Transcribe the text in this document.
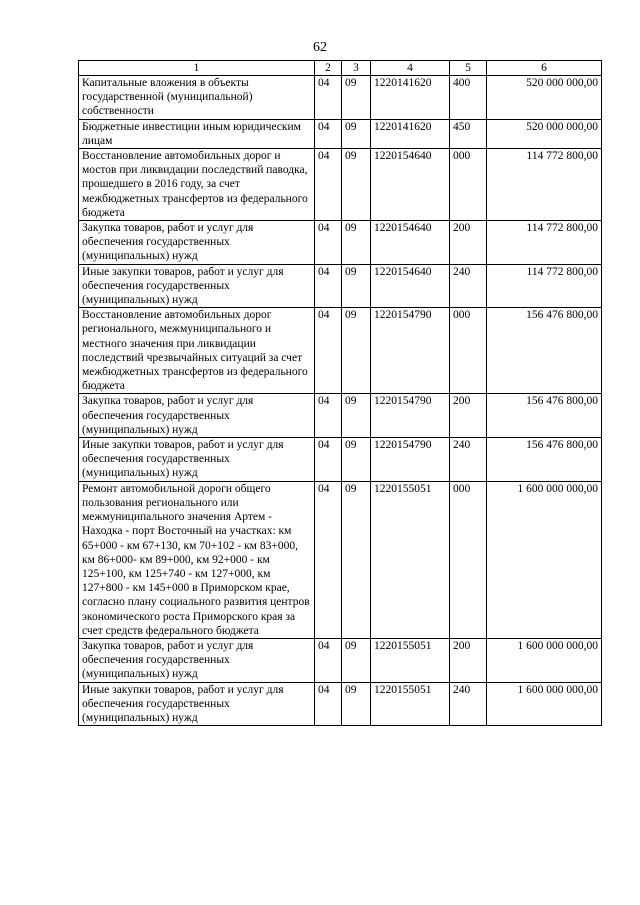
62
1	2	3	4	5	6
Капитальные вложения в объекты государственной (муниципальной) собственности	04	09	1220141620	400	520 000 000,00
Бюджетные инвестиции иным юридическим лицам	04	09	1220141620	450	520 000 000,00
Восстановление автомобильных дорог и мостов при ликвидации последствий паводка, прошедшего в 2016 году, за счет межбюджетных трансфертов из федерального бюджета	04	09	1220154640	000	114 772 800,00
Закупка товаров, работ и услуг для обеспечения государственных (муниципальных) нужд	04	09	1220154640	200	114 772 800,00
Иные закупки товаров, работ и услуг для обеспечения государственных (муниципальных) нужд	04	09	1220154640	240	114 772 800,00
Восстановление автомобильных дорог регионального, межмуниципального и местного значения при ликвидации последствий чрезвычайных ситуаций за счет межбюджетных трансфертов из федерального бюджета	04	09	1220154790	000	156 476 800,00
Закупка товаров, работ и услуг для обеспечения государственных (муниципальных) нужд	04	09	1220154790	200	156 476 800,00
Иные закупки товаров, работ и услуг для обеспечения государственных (муниципальных) нужд	04	09	1220154790	240	156 476 800,00
Ремонт автомобильной дороги общего пользования регионального или межмуниципального значения Артем - Находка - порт Восточный на участках: км 65+000 - км 67+130, км 70+102 - км 83+000, км 86+000- км 89+000, км 92+000 - км 125+100, км 125+740 - км 127+000, км 127+800 - км 145+000 в Приморском крае, согласно плану социального развития центров экономического роста Приморского края за счет средств федерального бюджета	04	09	1220155051	000	1 600 000 000,00
Закупка товаров, работ и услуг для обеспечения государственных (муниципальных) нужд	04	09	1220155051	200	1 600 000 000,00
Иные закупки товаров, работ и услуг для обеспечения государственных (муниципальных) нужд	04	09	1220155051	240	1 600 000 000,00
